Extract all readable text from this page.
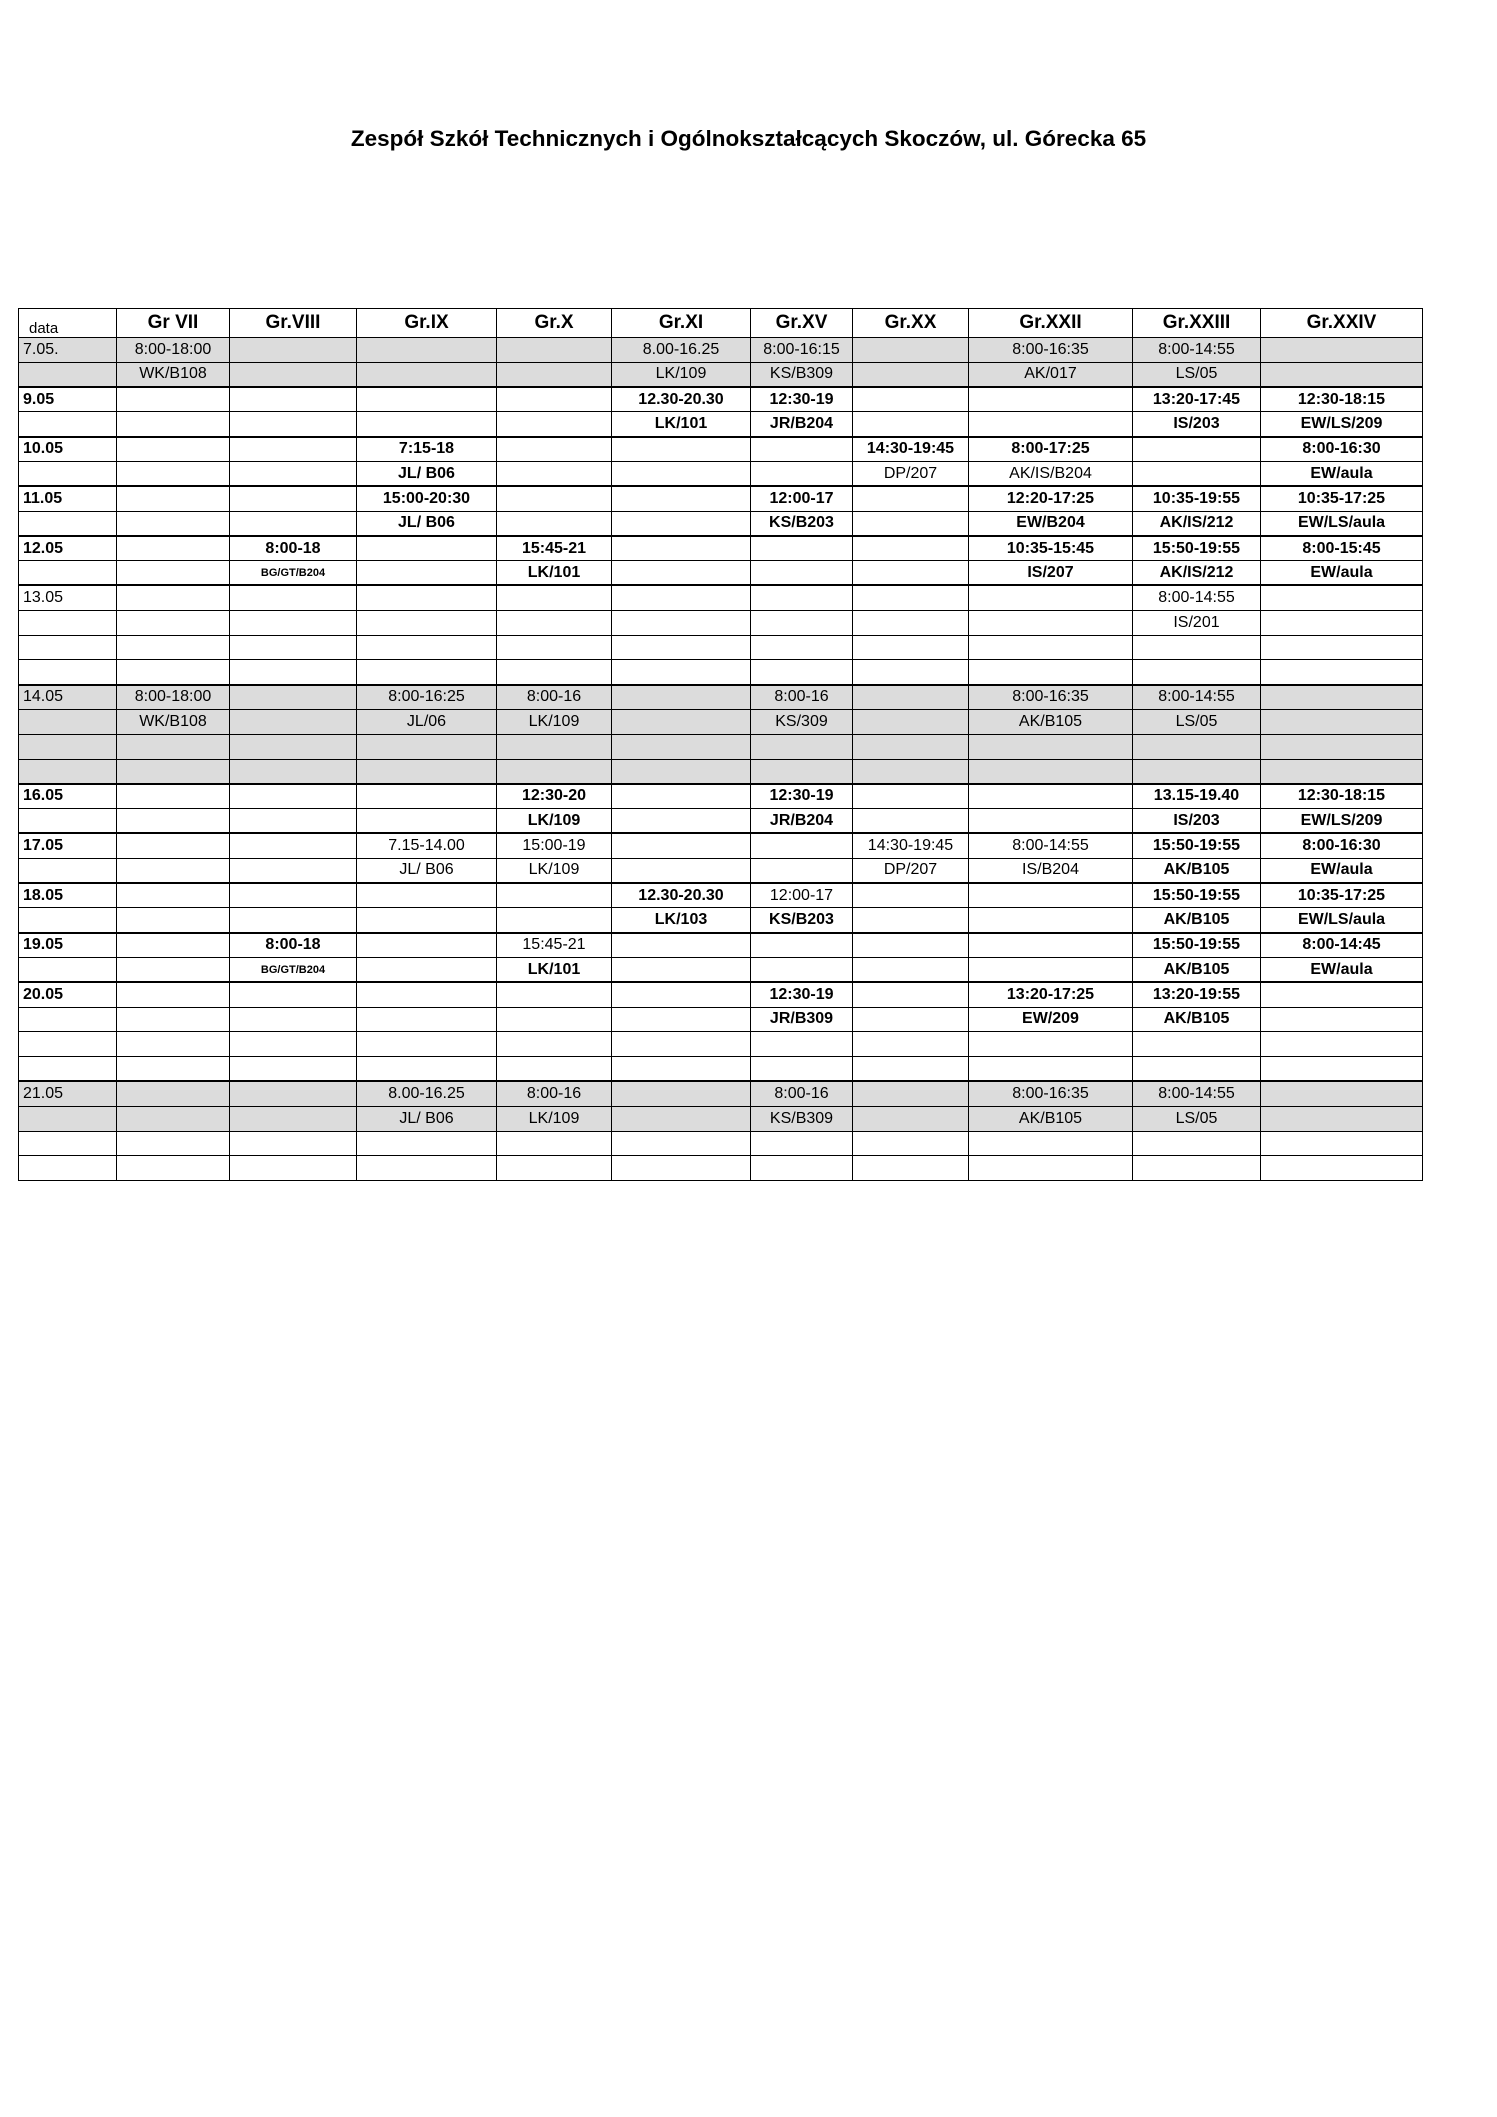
Zespół Szkół Technicznych i Ogólnokształcących Skoczów, ul. Górecka 65
data	Gr VII	Gr.VIII	Gr.IX	Gr.X	Gr.XI	Gr.XV	Gr.XX	Gr.XXII	Gr.XXIII	Gr.XXIV
7.05.	8:00-18:00				8.00-16.25	8:00-16:15		8:00-16:35	8:00-14:55	
	WK/B108				LK/109	KS/B309		AK/017	LS/05	
9.05					12.30-20.30	12:30-19			13:20-17:45	12:30-18:15
					LK/101	JR/B204			IS/203	EW/LS/209
10.05			7:15-18				14:30-19:45	8:00-17:25		8:00-16:30
			JL/ B06				DP/207	AK/IS/B204		EW/aula
11.05			15:00-20:30			12:00-17		12:20-17:25	10:35-19:55	10:35-17:25
			JL/ B06			KS/B203		EW/B204	AK/IS/212	EW/LS/aula
12.05		8:00-18		15:45-21				10:35-15:45	15:50-19:55	8:00-15:45
		BG/GT/B204		LK/101				IS/207	AK/IS/212	EW/aula
13.05									8:00-14:55	
									IS/201	

14.05	8:00-18:00		8:00-16:25	8:00-16		8:00-16		8:00-16:35	8:00-14:55	
	WK/B108		JL/06	LK/109		KS/309		AK/B105	LS/05	

16.05				12:30-20		12:30-19			13.15-19.40	12:30-18:15
				LK/109		JR/B204			IS/203	EW/LS/209
17.05			7.15-14.00	15:00-19			14:30-19:45	8:00-14:55	15:50-19:55	8:00-16:30
			JL/ B06	LK/109			DP/207	IS/B204	AK/B105	EW/aula
18.05					12.30-20.30	12:00-17			15:50-19:55	10:35-17:25
					LK/103	KS/B203			AK/B105	EW/LS/aula
19.05		8:00-18		15:45-21					15:50-19:55	8:00-14:45
		BG/GT/B204		LK/101					AK/B105	EW/aula
20.05						12:30-19		13:20-17:25	13:20-19:55	
						JR/B309		EW/209	AK/B105	

21.05			8.00-16.25	8:00-16		8:00-16		8:00-16:35	8:00-14:55	
			JL/ B06	LK/109		KS/B309		AK/B105	LS/05	
